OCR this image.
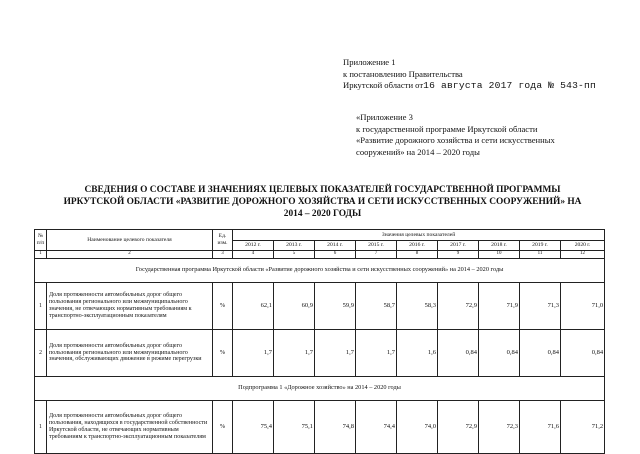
Приложение 1
к постановлению Правительства
Иркутской области от16 августа 2017 года № 543-пп
«Приложение 3
к государственной программе Иркутской области
«Развитие дорожного хозяйства и сети искусственных
сооружений» на 2014 – 2020 годы
СВЕДЕНИЯ О СОСТАВЕ И ЗНАЧЕНИЯХ ЦЕЛЕВЫХ ПОКАЗАТЕЛЕЙ ГОСУДАРСТВЕННОЙ ПРОГРАММЫ
ИРКУТСКОЙ ОБЛАСТИ «РАЗВИТИЕ ДОРОЖНОГО ХОЗЯЙСТВА И СЕТИ ИСКУССТВЕННЫХ СООРУЖЕНИЙ» НА
2014 – 2020 ГОДЫ
№ п/п	Наименование целевого показателя	Ед. изм.	Значения целевых показателей								
			2012 г.	2013 г.	2014 г.	2015 г.	2016 г.	2017 г.	2018 г.	2019 г.	2020 г.
1	2	3	4	5	6	7	8	9	10	11	12
Государственная программа Иркутской области «Развитие дорожного хозяйства и сети искусственных сооружений» на 2014 – 2020 годы											
1	Доля протяженности автомобильных дорог общего пользования регионального или межмуниципального значения, не отвечающих нормативным требованиям к транспортно-эксплуатационным показателям	%	62,1	60,9	59,9	58,7	58,3	72,9	71,9	71,3	71,0
2	Доля протяженности автомобильных дорог общего пользования регионального или межмуниципального значения, обслуживающих движение в режиме перегрузки	%	1,7	1,7	1,7	1,7	1,6	0,84	0,84	0,84	0,84
Подпрограмма 1 «Дорожное хозяйство» на 2014 – 2020 годы											
1	Доля протяженности автомобильных дорог общего пользования, находящихся в государственной собственности Иркутской области, не отвечающих нормативным требованиям к транспортно-эксплуатационным показателям	%	75,4	75,1	74,8	74,4	74,0	72,9	72,3	71,6	71,2
